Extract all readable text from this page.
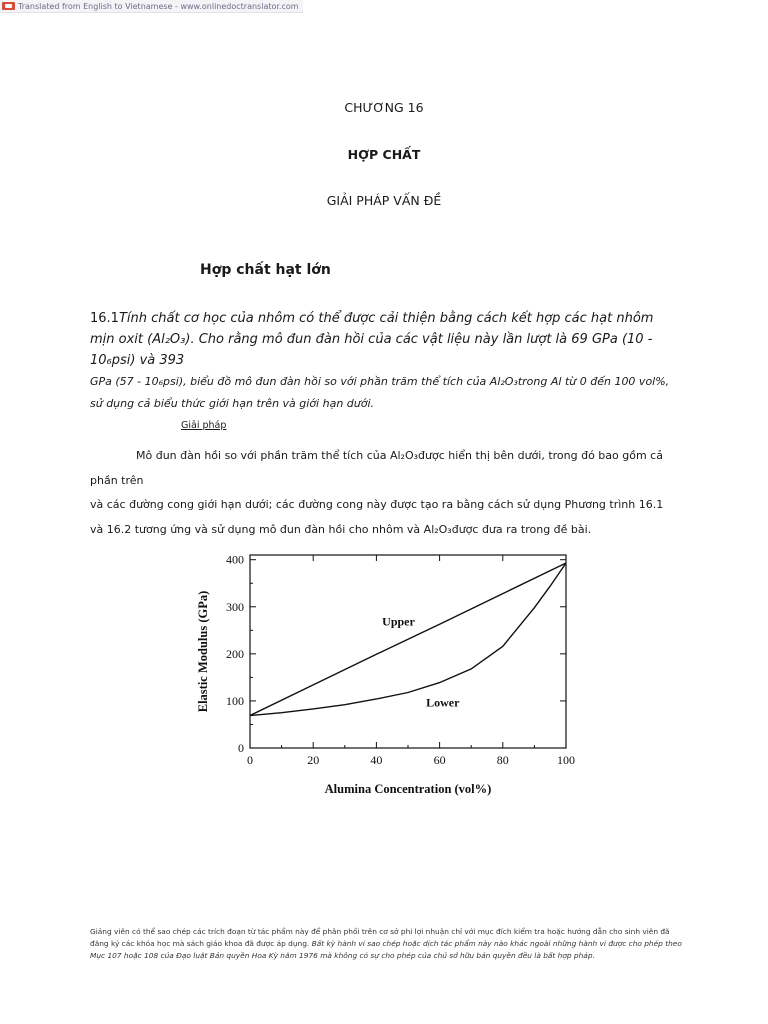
Translated from English to Vietnamese - www.onlinedoctranslator.com
CHƯƠNG 16
HỢP CHẤT
GIẢI PHÁP VẤN ĐỀ
Hợp chất hạt lớn
16.1Tính chất cơ học của nhôm có thể được cải thiện bằng cách kết hợp các hạt nhôm mịn oxit (Al₂O₃). Cho rằng mô đun đàn hồi của các vật liệu này lần lượt là 69 GPa (10 - 10₆psi) và 393
GPa (57 - 10₆psi), biểu đồ mô đun đàn hồi so với phần trăm thể tích của Al₂O₃trong Al từ 0 đến 100 vol%, sử dụng cả biểu thức giới hạn trên và giới hạn dưới.
Giải pháp

Mô đun đàn hồi so với phần trăm thể tích của Al₂O₃được hiển thị bên dưới, trong đó bao gồm cả phần trên

và các đường cong giới hạn dưới; các đường cong này được tạo ra bằng cách sử dụng Phương trình 16.1 và 16.2 tương ứng và sử dụng mô đun đàn hồi cho nhôm và Al₂O₃được đưa ra trong đề bài.

0	20	40	60	80	100
0
100
200
300
400
Upper
Lower
Alumina Concentration (vol%)
Elastic Modulus (GPa)
Giảng viên có thể sao chép các trích đoạn từ tác phẩm này để phân phối trên cơ sở phi lợi nhuận chỉ với mục đích kiểm tra hoặc hướng dẫn cho sinh viên đã đăng ký các khóa học mà sách giáo khoa đã được áp dụng. Bất kỳ hành vi sao chép hoặc dịch tác phẩm này nào khác ngoài những hành vi được cho phép theo Mục 107 hoặc 108 của Đạo luật Bản quyền Hoa Kỳ năm 1976 mà không có sự cho phép của chủ sở hữu bản quyền đều là bất hợp pháp.
